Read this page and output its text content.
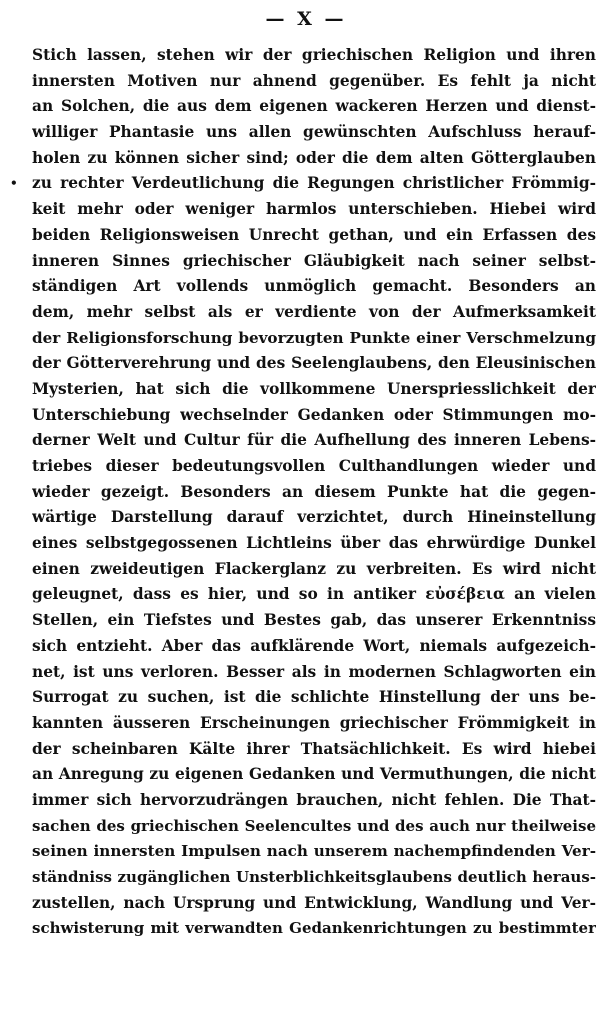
— X —
•
Stich lassen, stehen wir der griechischen Religion und ihren
innersten Motiven nur ahnend gegenüber. Es fehlt ja nicht
an Solchen, die aus dem eigenen wackeren Herzen und dienst-
williger Phantasie uns allen gewünschten Aufschluss herauf-
holen zu können sicher sind; oder die dem alten Götterglauben
zu rechter Verdeutlichung die Regungen christlicher Frömmig-
keit mehr oder weniger harmlos unterschieben. Hiebei wird
beiden Religionsweisen Unrecht gethan, und ein Erfassen des
inneren Sinnes griechischer Gläubigkeit nach seiner selbst-
ständigen Art vollends unmöglich gemacht. Besonders an
dem, mehr selbst als er verdiente von der Aufmerksamkeit
der Religionsforschung bevorzugten Punkte einer Verschmelzung
der Götterverehrung und des Seelenglaubens, den Eleusinischen
Mysterien, hat sich die vollkommene Unerspriesslichkeit der
Unterschiebung wechselnder Gedanken oder Stimmungen mo-
derner Welt und Cultur für die Aufhellung des inneren Lebens-
triebes dieser bedeutungsvollen Culthandlungen wieder und
wieder gezeigt. Besonders an diesem Punkte hat die gegen-
wärtige Darstellung darauf verzichtet, durch Hineinstellung
eines selbstgegossenen Lichtleins über das ehrwürdige Dunkel
einen zweideutigen Flackerglanz zu verbreiten. Es wird nicht
geleugnet, dass es hier, und so in antiker εὐσέβεια an vielen
Stellen, ein Tiefstes und Bestes gab, das unserer Erkenntniss
sich entzieht. Aber das aufklärende Wort, niemals aufgezeich-
net, ist uns verloren. Besser als in modernen Schlagworten ein
Surrogat zu suchen, ist die schlichte Hinstellung der uns be-
kannten äusseren Erscheinungen griechischer Frömmigkeit in
der scheinbaren Kälte ihrer Thatsächlichkeit. Es wird hiebei
an Anregung zu eigenen Gedanken und Vermuthungen, die nicht
immer sich hervorzudrängen brauchen, nicht fehlen. Die That-
sachen des griechischen Seelencultes und des auch nur theilweise
seinen innersten Impulsen nach unserem nachempfindenden Ver-
ständniss zugänglichen Unsterblichkeitsglaubens deutlich heraus-
zustellen, nach Ursprung und Entwicklung, Wandlung und Ver-
schwisterung mit verwandten Gedankenrichtungen zu bestimmter
